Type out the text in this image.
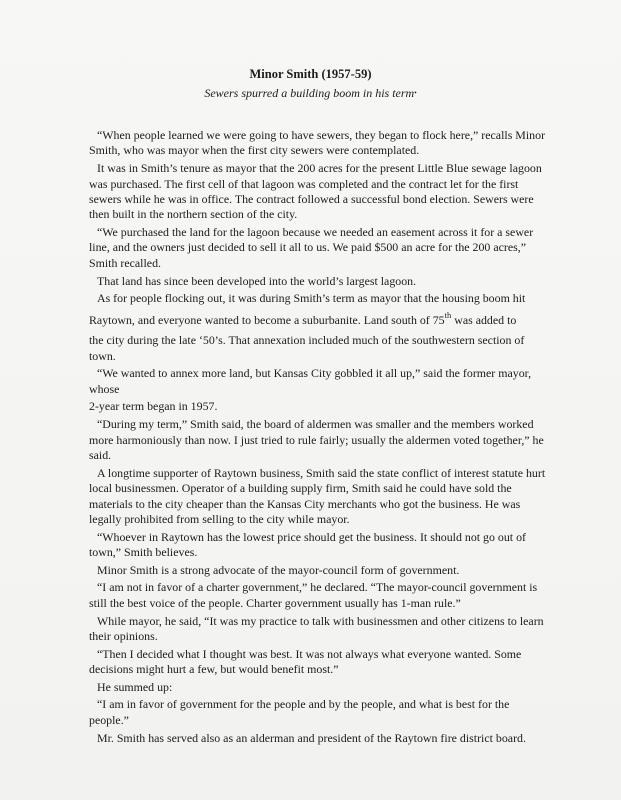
Minor Smith (1957-59)
Sewers spurred a building boom in his term•

“When people learned we were going to have sewers, they began to flock here,” recalls Minor Smith, who was mayor when the first city sewers were contemplated.

It was in Smith’s tenure as mayor that the 200 acres for the present Little Blue sewage lagoon was purchased. The first cell of that lagoon was completed and the contract let for the first sewers while he was in office. The contract followed a successful bond election. Sewers were then built in the northern section of the city.

“We purchased the land for the lagoon because we needed an easement across it for a sewer line, and the owners just decided to sell it all to us. We paid $500 an acre for the 200 acres,” Smith recalled.

That land has since been developed into the world’s largest lagoon.

As for people flocking out, it was during Smith’s term as mayor that the housing boom hit

Raytown, and everyone wanted to become a suburbanite. Land south of 75th was added to

the city during the late ‘50’s. That annexation included much of the southwestern section of town.

“We wanted to annex more land, but Kansas City gobbled it all up,” said the former mayor, whose

2-year term began in 1957.

“During my term,” Smith said, the board of aldermen was smaller and the members worked more harmoniously than now. I just tried to rule fairly; usually the aldermen voted together,” he said.

A longtime supporter of Raytown business, Smith said the state conflict of interest statute hurt local businessmen. Operator of a building supply firm, Smith said he could have sold the materials to the city cheaper than the Kansas City merchants who got the business. He was legally prohibited from selling to the city while mayor.

“Whoever in Raytown has the lowest price should get the business. It should not go out of town,” Smith believes.

Minor Smith is a strong advocate of the mayor-council form of government.

“I am not in favor of a charter government,” he declared. “The mayor-council government is still the best voice of the people. Charter government usually has 1-man rule.”

While mayor, he said, “It was my practice to talk with businessmen and other citizens to learn their opinions.

“Then I decided what I thought was best. It was not always what everyone wanted. Some decisions might hurt a few, but would benefit most.”

He summed up:

“I am in favor of government for the people and by the people, and what is best for the people.”

Mr. Smith has served also as an alderman and president of the Raytown fire district board.
